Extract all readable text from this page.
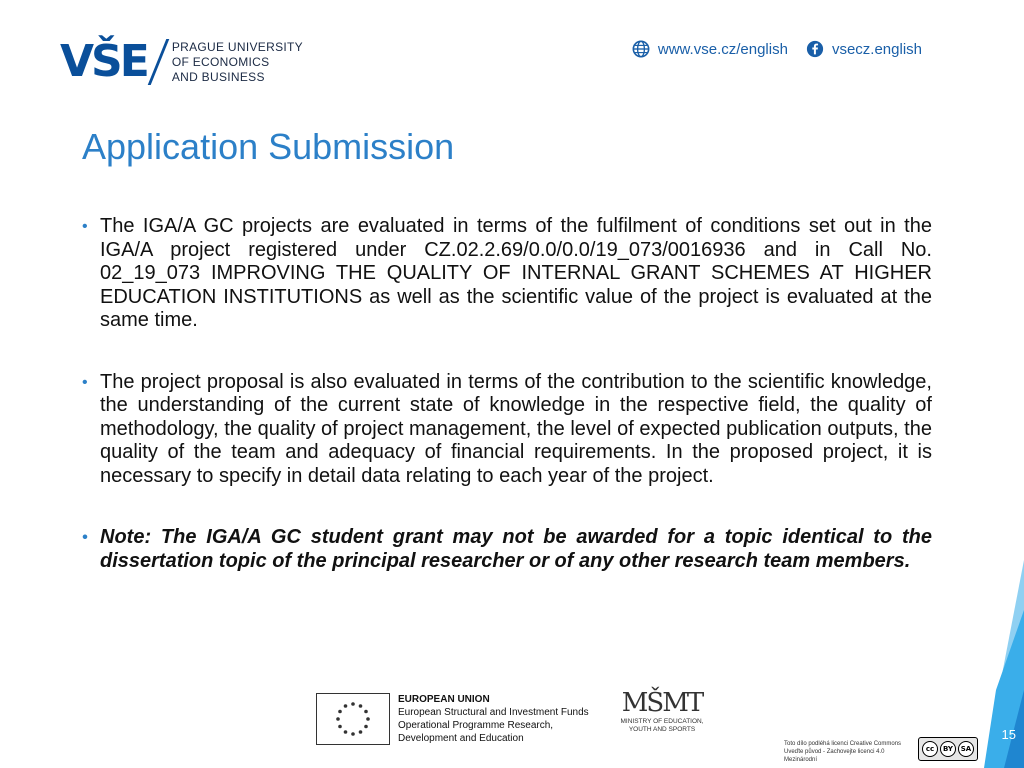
VŠE PRAGUE UNIVERSITY
OF ECONOMICS
AND BUSINESS
www.vse.cz/english	vsecz.english
Application Submission
• The IGA/A GC projects are evaluated in terms of the fulfilment of conditions set out in the IGA/A project registered under CZ.02.2.69/0.0/0.0/19_073/0016936 and in Call No. 02_19_073 IMPROVING THE QUALITY OF INTERNAL GRANT SCHEMES AT HIGHER EDUCATION INSTITUTIONS as well as the scientific value of the project is evaluated at the same time.
• The project proposal is also evaluated in terms of the contribution to the scientific knowledge, the understanding of the current state of knowledge in the respective field, the quality of methodology, the quality of project management, the level of expected publication outputs, the quality of the team and adequacy of financial requirements. In the proposed project, it is necessary to specify in detail data relating to each year of the project.
• Note: The IGA/A GC student grant may not be awarded for a topic identical to the dissertation topic of the principal researcher or of any other research team members.
EUROPEAN UNION
European Structural and Investment Funds
Operational Programme Research,
Development and Education
MŠMT
MINISTRY OF EDUCATION,
YOUTH AND SPORTS
Toto dílo podléhá licenci Creative Commons
Uveďte původ - Zachovejte licenci 4.0 Mezinárodní
cc	BY	SA
15
